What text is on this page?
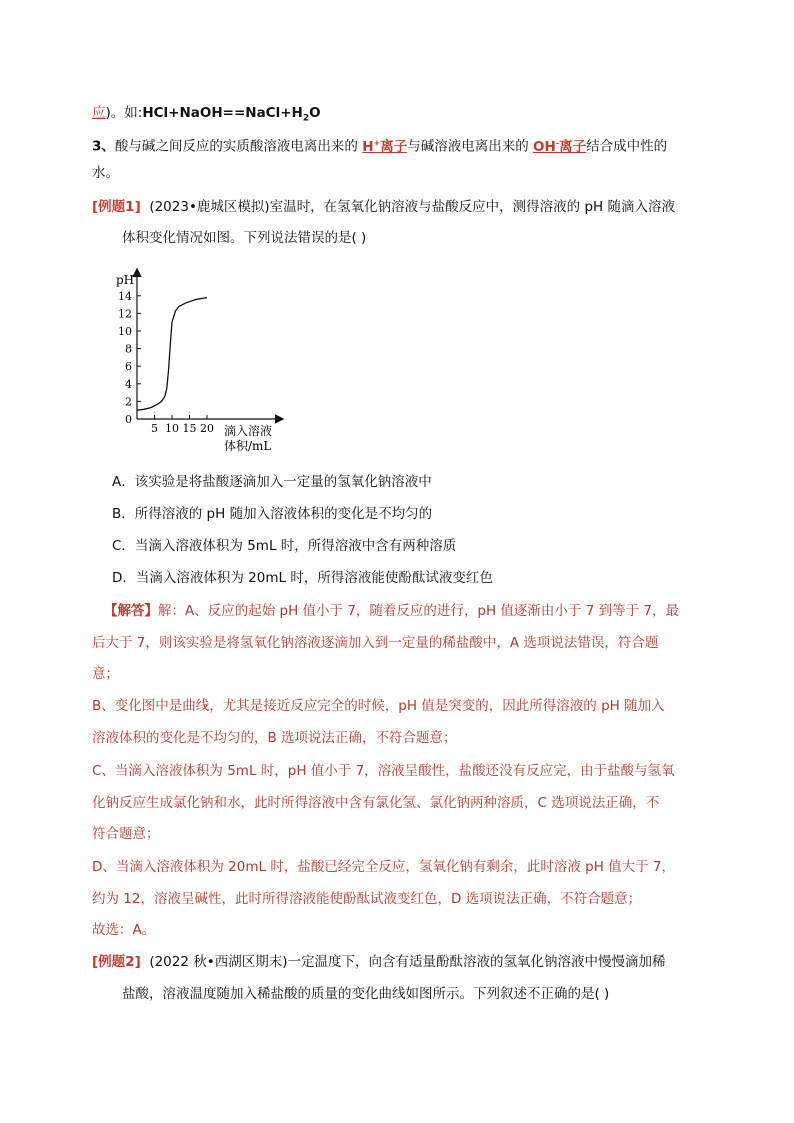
应)。如$:HCl+NaOH==NaCl+H_2O$
3、酸与碱之间反应的实质酸溶液电离出来的 H+离子与碱溶液电离出来的 OH-离子结合成中性的
水。
[例题1] (2023•鹿城区模拟)室温时，在氢氧化钠溶液与盐酸反应中，测得溶液的 pH 随滴入溶液
体积变化情况如图。下列说法错误的是( )
pH
0
2
4
6
8
10
12
14
5 10 15 20 滴入溶液
体积/mL
A．该实验是将盐酸逐滴加入一定量的氢氧化钠溶液中
B．所得溶液的 pH 随加入溶液体积的变化是不均匀的
C．当滴入溶液体积为 5mL 时，所得溶液中含有两种溶质
D．当滴入溶液体积为 20mL 时，所得溶液能使酚酞试液变红色
【解答】解：A、反应的起始 pH 值小于 7，随着反应的进行，pH 值逐渐由小于 7 到等于 7，最
后大于 7，则该实验是将氢氧化钠溶液逐滴加入到一定量的稀盐酸中，A 选项说法错误，符合题
意；
B、变化图中是曲线，尤其是接近反应完全的时候，pH 值是突变的，因此所得溶液的 pH 随加入
溶液体积的变化是不均匀的，B 选项说法正确，不符合题意；
C、当滴入溶液体积为 5mL 时，pH 值小于 7，溶液呈酸性，盐酸还没有反应完，由于盐酸与氢氧
化钠反应生成氯化钠和水，此时所得溶液中含有氯化氢、氯化钠两种溶质，C 选项说法正确，不
符合题意；
D、当滴入溶液体积为 20mL 时，盐酸已经完全反应，氢氧化钠有剩余，此时溶液 pH 值大于 7，
约为 12，溶液呈碱性，此时所得溶液能使酚酞试液变红色，D 选项说法正确，不符合题意；
故选：A。
[例题2] (2022 秋•西湖区期末)一定温度下，向含有适量酚酞溶液的氢氧化钠溶液中慢慢滴加稀
盐酸，溶液温度随加入稀盐酸的质量的变化曲线如图所示。下列叙述不正确的是( )
